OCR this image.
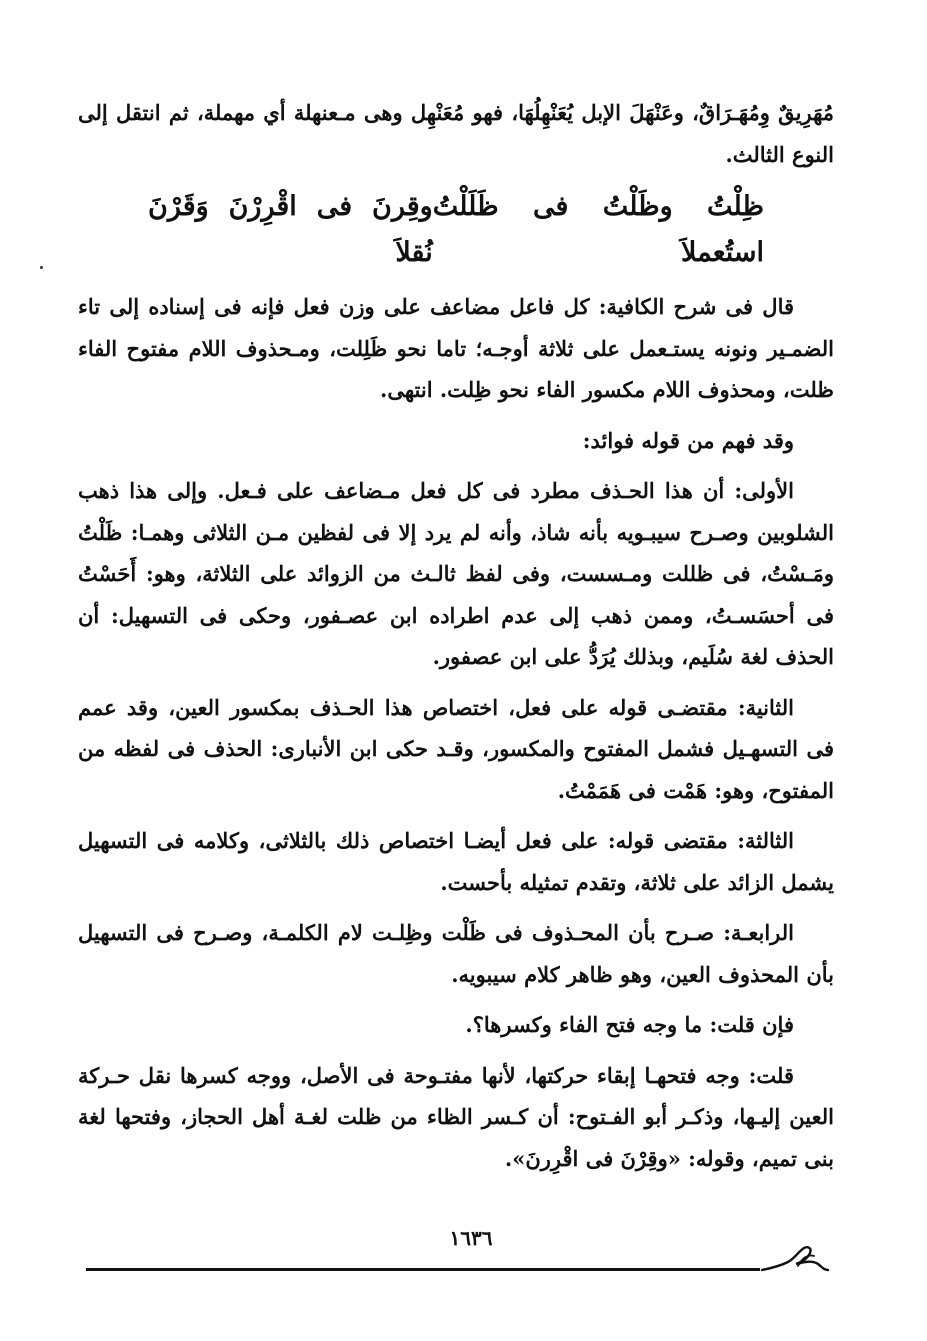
مُهَرِيقٌ وِمُهَـرَاقٌ، وعَنْهَلَ الإبل يُعَنْهِلُهَا، فهو مُعَنْهِل وهى مـعنهلة أي مهملة، ثم انتقل إلى النوع الثالث.

ظِلْتُ وظَلْتُ فى ظَلَلْتُ استُعملاَ
وقِرنَ فى اقْرِرْنَ وَقَرْنَ نُقلاَ

قال فى شرح الكافية: كل فاعل مضاعف على وزن فعل فإنه فى إسناده إلى تاء الضمـير ونونه يستـعمل على ثلاثة أوجـه؛ تاما نحو ظَلِلت، ومـحذوف اللام مفتوح الفاء ظلت، ومحذوف اللام مكسور الفاء نحو ظِلت. انتهى.

وقد فهم من قوله فوائد:

الأولى: أن هذا الحـذف مطرد فى كل فعل مـضاعف على فـعل. وإلى هذا ذهب الشلوبين وصـرح سيبـويه بأنه شاذ، وأنه لم يرد إلا فى لفظين مـن الثلاثى وهمـا: ظَلْتُ ومَـسْتُ، فى ظللت ومـسست، وفى لفظ ثالـث من الزوائد على الثلاثة، وهو: أَحَسْتُ فى أحسَسـتُ، وممن ذهب إلى عدم اطراده ابن عصـفور، وحكى فى التسهيل: أن الحذف لغة سُلَيم، وبذلك يُرَدُّ على ابن عصفور.

الثانية: مقتضـى قوله على فعل، اختصاص هذا الحـذف بمكسور العين، وقد عمم فى التسهـيل فشمل المفتوح والمكسور، وقـد حكى ابن الأنبارى: الحذف فى لفظه من المفتوح، وهو: هَمْت فى هَمَمْتُ.

الثالثة: مقتضى قوله: على فعل أيضـا اختصاص ذلك بالثلاثى، وكلامه فى التسهيل يشمل الزائد على ثلاثة، وتقدم تمثيله بأحست.

الرابعـة: صـرح بأن المحـذوف فى ظَلْت وظِلـت لام الكلمـة، وصـرح فى التسهيل بأن المحذوف العين، وهو ظاهر كلام سيبويه.

فإن قلت: ما وجه فتح الفاء وكسرها؟.

قلت: وجه فتحهـا إبقاء حركتها، لأنها مفتـوحة فى الأصل، ووجه كسرها نقل حـركة العين إليـها، وذكـر أبو الفـتوح: أن كـسر الظاء من ظلت لغـة أهل الحجاز، وفتحها لغة بنى تميم، وقوله: «وقِرْنَ فى اقْرِرنَ».

١٦٣٦
